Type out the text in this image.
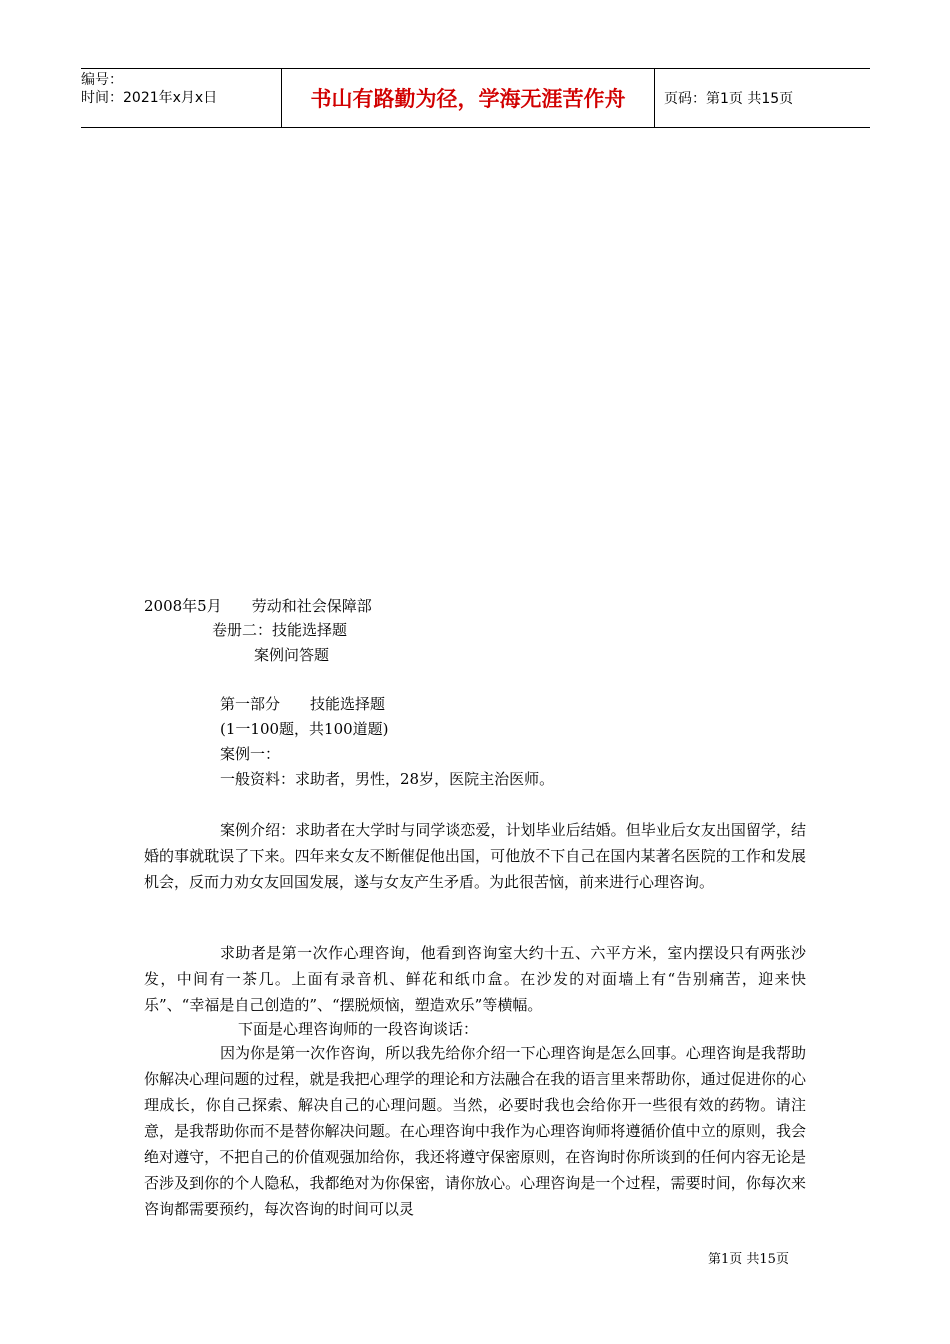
编号：
时间：2021年x月x日	书山有路勤为径，学海无涯苦作舟	页码：第1页 共15页
2008年5月　　劳动和社会保障部
卷册二：技能选择题
案例问答题
第一部分　　技能选择题
(1一100题，共100道题)
案例一：
一般资料：求助者，男性，28岁，医院主治医师。
案例介绍：求助者在大学时与同学谈恋爱，计划毕业后结婚。但毕业后女友出国留学，结婚的事就耽误了下来。四年来女友不断催促他出国，可他放不下自己在国内某著名医院的工作和发展机会，反而力劝女友回国发展，遂与女友产生矛盾。为此很苦恼，前来进行心理咨询。
求助者是第一次作心理咨询，他看到咨询室大约十五、六平方米，室内摆设只有两张沙发，中间有一茶几。上面有录音机、鲜花和纸巾盒。在沙发的对面墙上有“告别痛苦，迎来快乐”、“幸福是自己创造的”、“摆脱烦恼，塑造欢乐”等横幅。
下面是心理咨询师的一段咨询谈话：
因为你是第一次作咨询，所以我先给你介绍一下心理咨询是怎么回事。心理咨询是我帮助你解决心理问题的过程，就是我把心理学的理论和方法融合在我的语言里来帮助你，通过促进你的心理成长，你自己探索、解决自己的心理问题。当然，必要时我也会给你开一些很有效的药物。请注意，是我帮助你而不是替你解决问题。在心理咨询中我作为心理咨询师将遵循价值中立的原则，我会绝对遵守，不把自己的价值观强加给你，我还将遵守保密原则，在咨询时你所谈到的任何内容无论是否涉及到你的个人隐私，我都绝对为你保密，请你放心。心理咨询是一个过程，需要时间，你每次来咨询都需要预约，每次咨询的时间可以灵
第1页 共15页
